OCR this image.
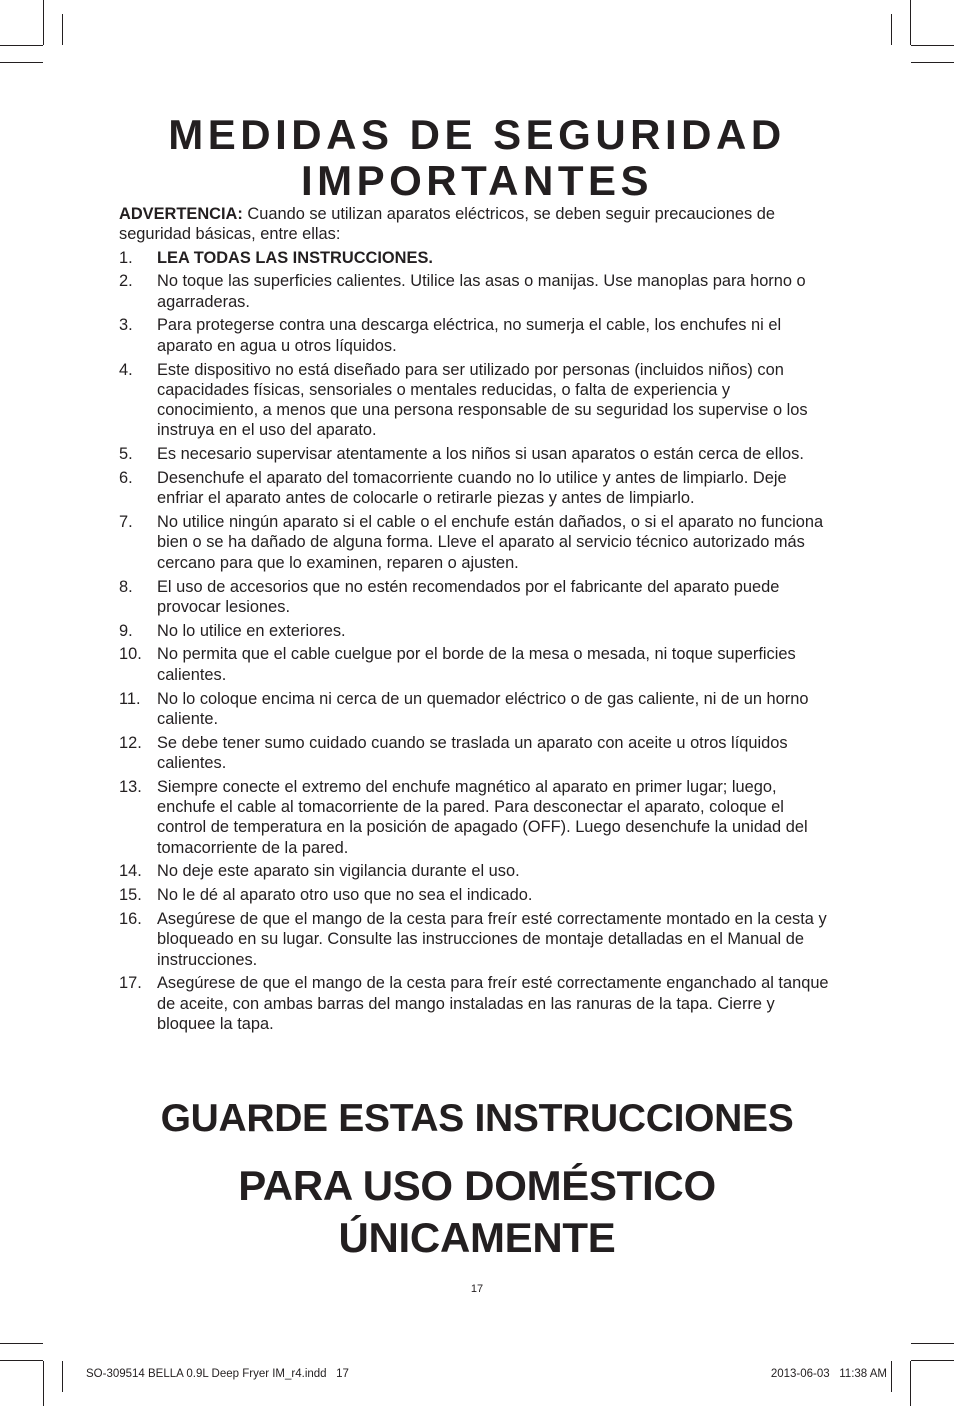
MEDIDAS DE SEGURIDAD
IMPORTANTES

ADVERTENCIA: Cuando se utilizan aparatos eléctricos, se deben seguir precauciones de seguridad básicas, entre ellas:

1. LEA TODAS LAS INSTRUCCIONES.
2. No toque las superficies calientes. Utilice las asas o manijas. Use manoplas para horno o agarraderas.
3. Para protegerse contra una descarga eléctrica, no sumerja el cable, los enchufes ni el aparato en agua u otros líquidos.
4. Este dispositivo no está diseñado para ser utilizado por personas (incluidos niños) con capacidades físicas, sensoriales o mentales reducidas, o falta de experiencia y conocimiento, a menos que una persona responsable de su seguridad los supervise o los instruya en el uso del aparato.
5. Es necesario supervisar atentamente a los niños si usan aparatos o están cerca de ellos.
6. Desenchufe el aparato del tomacorriente cuando no lo utilice y antes de limpiarlo. Deje enfriar el aparato antes de colocarle o retirarle piezas y antes de limpiarlo.
7. No utilice ningún aparato si el cable o el enchufe están dañados, o si el aparato no funciona bien o se ha dañado de alguna forma. Lleve el aparato al servicio técnico autorizado más cercano para que lo examinen, reparen o ajusten.
8. El uso de accesorios que no estén recomendados por el fabricante del aparato puede provocar lesiones.
9. No lo utilice en exteriores.
10. No permita que el cable cuelgue por el borde de la mesa o mesada, ni toque superficies calientes.
11. No lo coloque encima ni cerca de un quemador eléctrico o de gas caliente, ni de un horno caliente.
12. Se debe tener sumo cuidado cuando se traslada un aparato con aceite u otros líquidos calientes.
13. Siempre conecte el extremo del enchufe magnético al aparato en primer lugar; luego, enchufe el cable al tomacorriente de la pared. Para desconectar el aparato, coloque el control de temperatura en la posición de apagado (OFF). Luego desenchufe la unidad del tomacorriente de la pared.
14. No deje este aparato sin vigilancia durante el uso.
15. No le dé al aparato otro uso que no sea el indicado.
16. Asegúrese de que el mango de la cesta para freír esté correctamente montado en la cesta y bloqueado en su lugar. Consulte las instrucciones de montaje detalladas en el Manual de instrucciones.
17. Asegúrese de que el mango de la cesta para freír esté correctamente enganchado al tanque de aceite, con ambas barras del mango instaladas en las ranuras de la tapa. Cierre y bloquee la tapa.
GUARDE ESTAS INSTRUCCIONES
PARA USO DOMÉSTICO
ÚNICAMENTE
17
SO-309514 BELLA 0.9L Deep Fryer IM_r4.indd   17	2013-06-03   11:38 AM
